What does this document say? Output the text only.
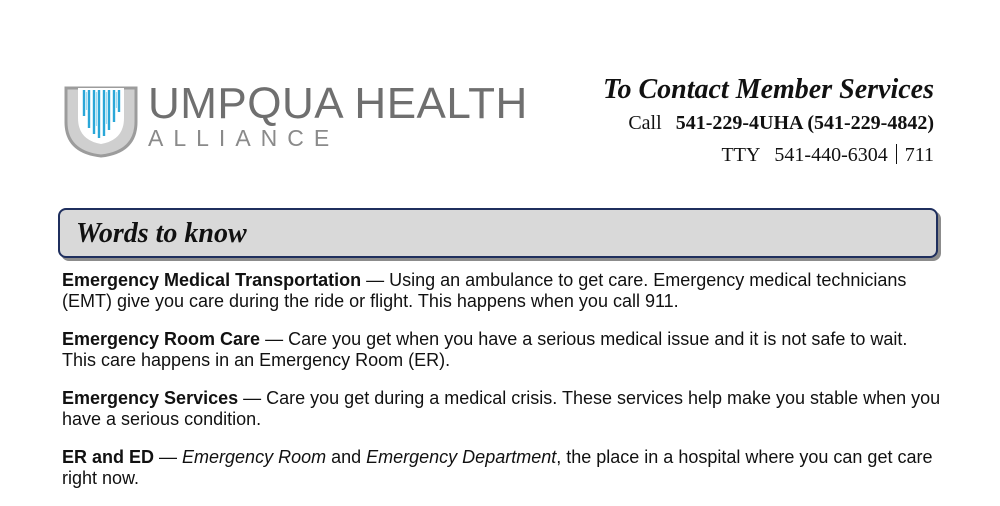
UMPQUA HEALTH
ALLIANCE
To Contact Member Services
Call 541-229-4UHA (541-229-4842)
TTY 541-440-6304 711
Words to know

Emergency Medical Transportation — Using an ambulance to get care. Emergency medical technicians (EMT) give you care during the ride or flight. This happens when you call 911.

Emergency Room Care — Care you get when you have a serious medical issue and it is not safe to wait. This care happens in an Emergency Room (ER).

Emergency Services — Care you get during a medical crisis. These services help make you stable when you have a serious condition.

ER and ED — Emergency Room and Emergency Department, the place in a hospital where you can get care right now.
